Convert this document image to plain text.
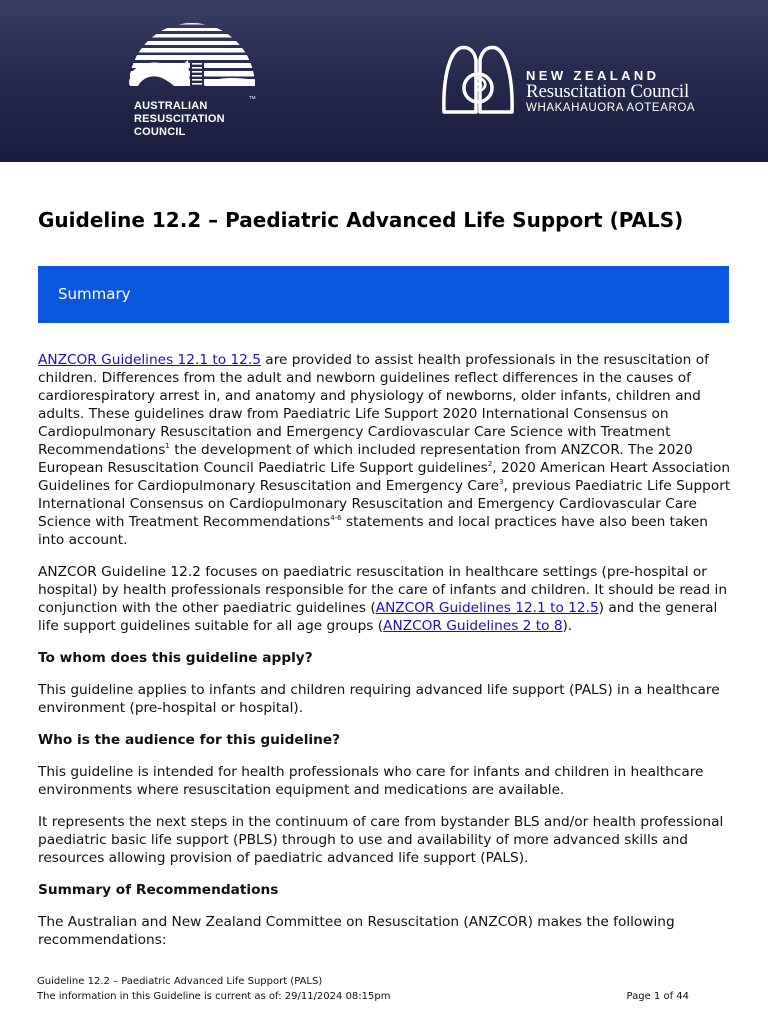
TM
AUSTRALIAN
RESUSCITATION
COUNCIL
NEW ZEALAND
Resuscitation Council
WHAKAHAUORA AOTEAROA
Guideline 12.2 – Paediatric Advanced Life Support (PALS)
Summary

ANZCOR Guidelines 12.1 to 12.5 are provided to assist health professionals in the resuscitation of children. Differences from the adult and newborn guidelines reflect differences in the causes of cardiorespiratory arrest in, and anatomy and physiology of newborns, older infants, children and adults. These guidelines draw from Paediatric Life Support 2020 International Consensus on Cardiopulmonary Resuscitation and Emergency Cardiovascular Care Science with Treatment Recommendations$^1$ the development of which included representation from ANZCOR. The 2020 European Resuscitation Council Paediatric Life Support guidelines$^2$, 2020 American Heart Association Guidelines for Cardiopulmonary Resuscitation and Emergency Care$^3$, previous Paediatric Life Support International Consensus on Cardiopulmonary Resuscitation and Emergency Cardiovascular Care Science with Treatment Recommendations$^{4-6}$ statements and local practices have also been taken into account.

ANZCOR Guideline 12.2 focuses on paediatric resuscitation in healthcare settings (pre-hospital or hospital) by health professionals responsible for the care of infants and children. It should be read in conjunction with the other paediatric guidelines (ANZCOR Guidelines 12.1 to 12.5) and the general life support guidelines suitable for all age groups (ANZCOR Guidelines 2 to 8).

To whom does this guideline apply?

This guideline applies to infants and children requiring advanced life support (PALS) in a healthcare environment (pre-hospital or hospital).

Who is the audience for this guideline?

This guideline is intended for health professionals who care for infants and children in healthcare environments where resuscitation equipment and medications are available.

It represents the next steps in the continuum of care from bystander BLS and/or health professional paediatric basic life support (PBLS) through to use and availability of more advanced skills and resources allowing provision of paediatric advanced life support (PALS).

Summary of Recommendations

The Australian and New Zealand Committee on Resuscitation (ANZCOR) makes the following recommendations:

Guideline 12.2 – Paediatric Advanced Life Support (PALS)
The information in this Guideline is current as of: 29/11/2024 08:15pm	Page 1 of 44
